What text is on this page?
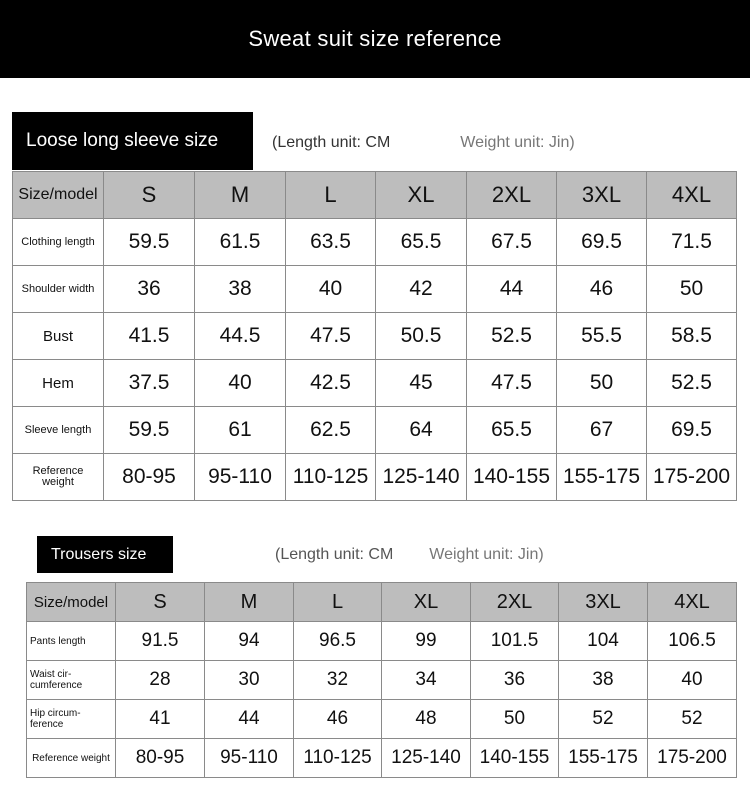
Sweat suit size reference
Loose long sleeve size	(Length unit: CM	Weight unit: Jin)
Size/model	S	M	L	XL	2XL	3XL	4XL
Clothing length	59.5	61.5	63.5	65.5	67.5	69.5	71.5
Shoulder width	36	38	40	42	44	46	50
Bust	41.5	44.5	47.5	50.5	52.5	55.5	58.5
Hem	37.5	40	42.5	45	47.5	50	52.5
Sleeve length	59.5	61	62.5	64	65.5	67	69.5
Reference weight	80-95	95-110	110-125	125-140	140-155	155-175	175-200
Trousers size	(Length unit: CM Weight unit: Jin)
Size/model	S	M	L	XL	2XL	3XL	4XL
Pants length	91.5	94	96.5	99	101.5	104	106.5
Waist cir- cumference	28	30	32	34	36	38	40
Hip circum- ference	41	44	46	48	50	52	52
Reference weight	80-95	95-110	110-125	125-140	140-155	155-175	175-200
